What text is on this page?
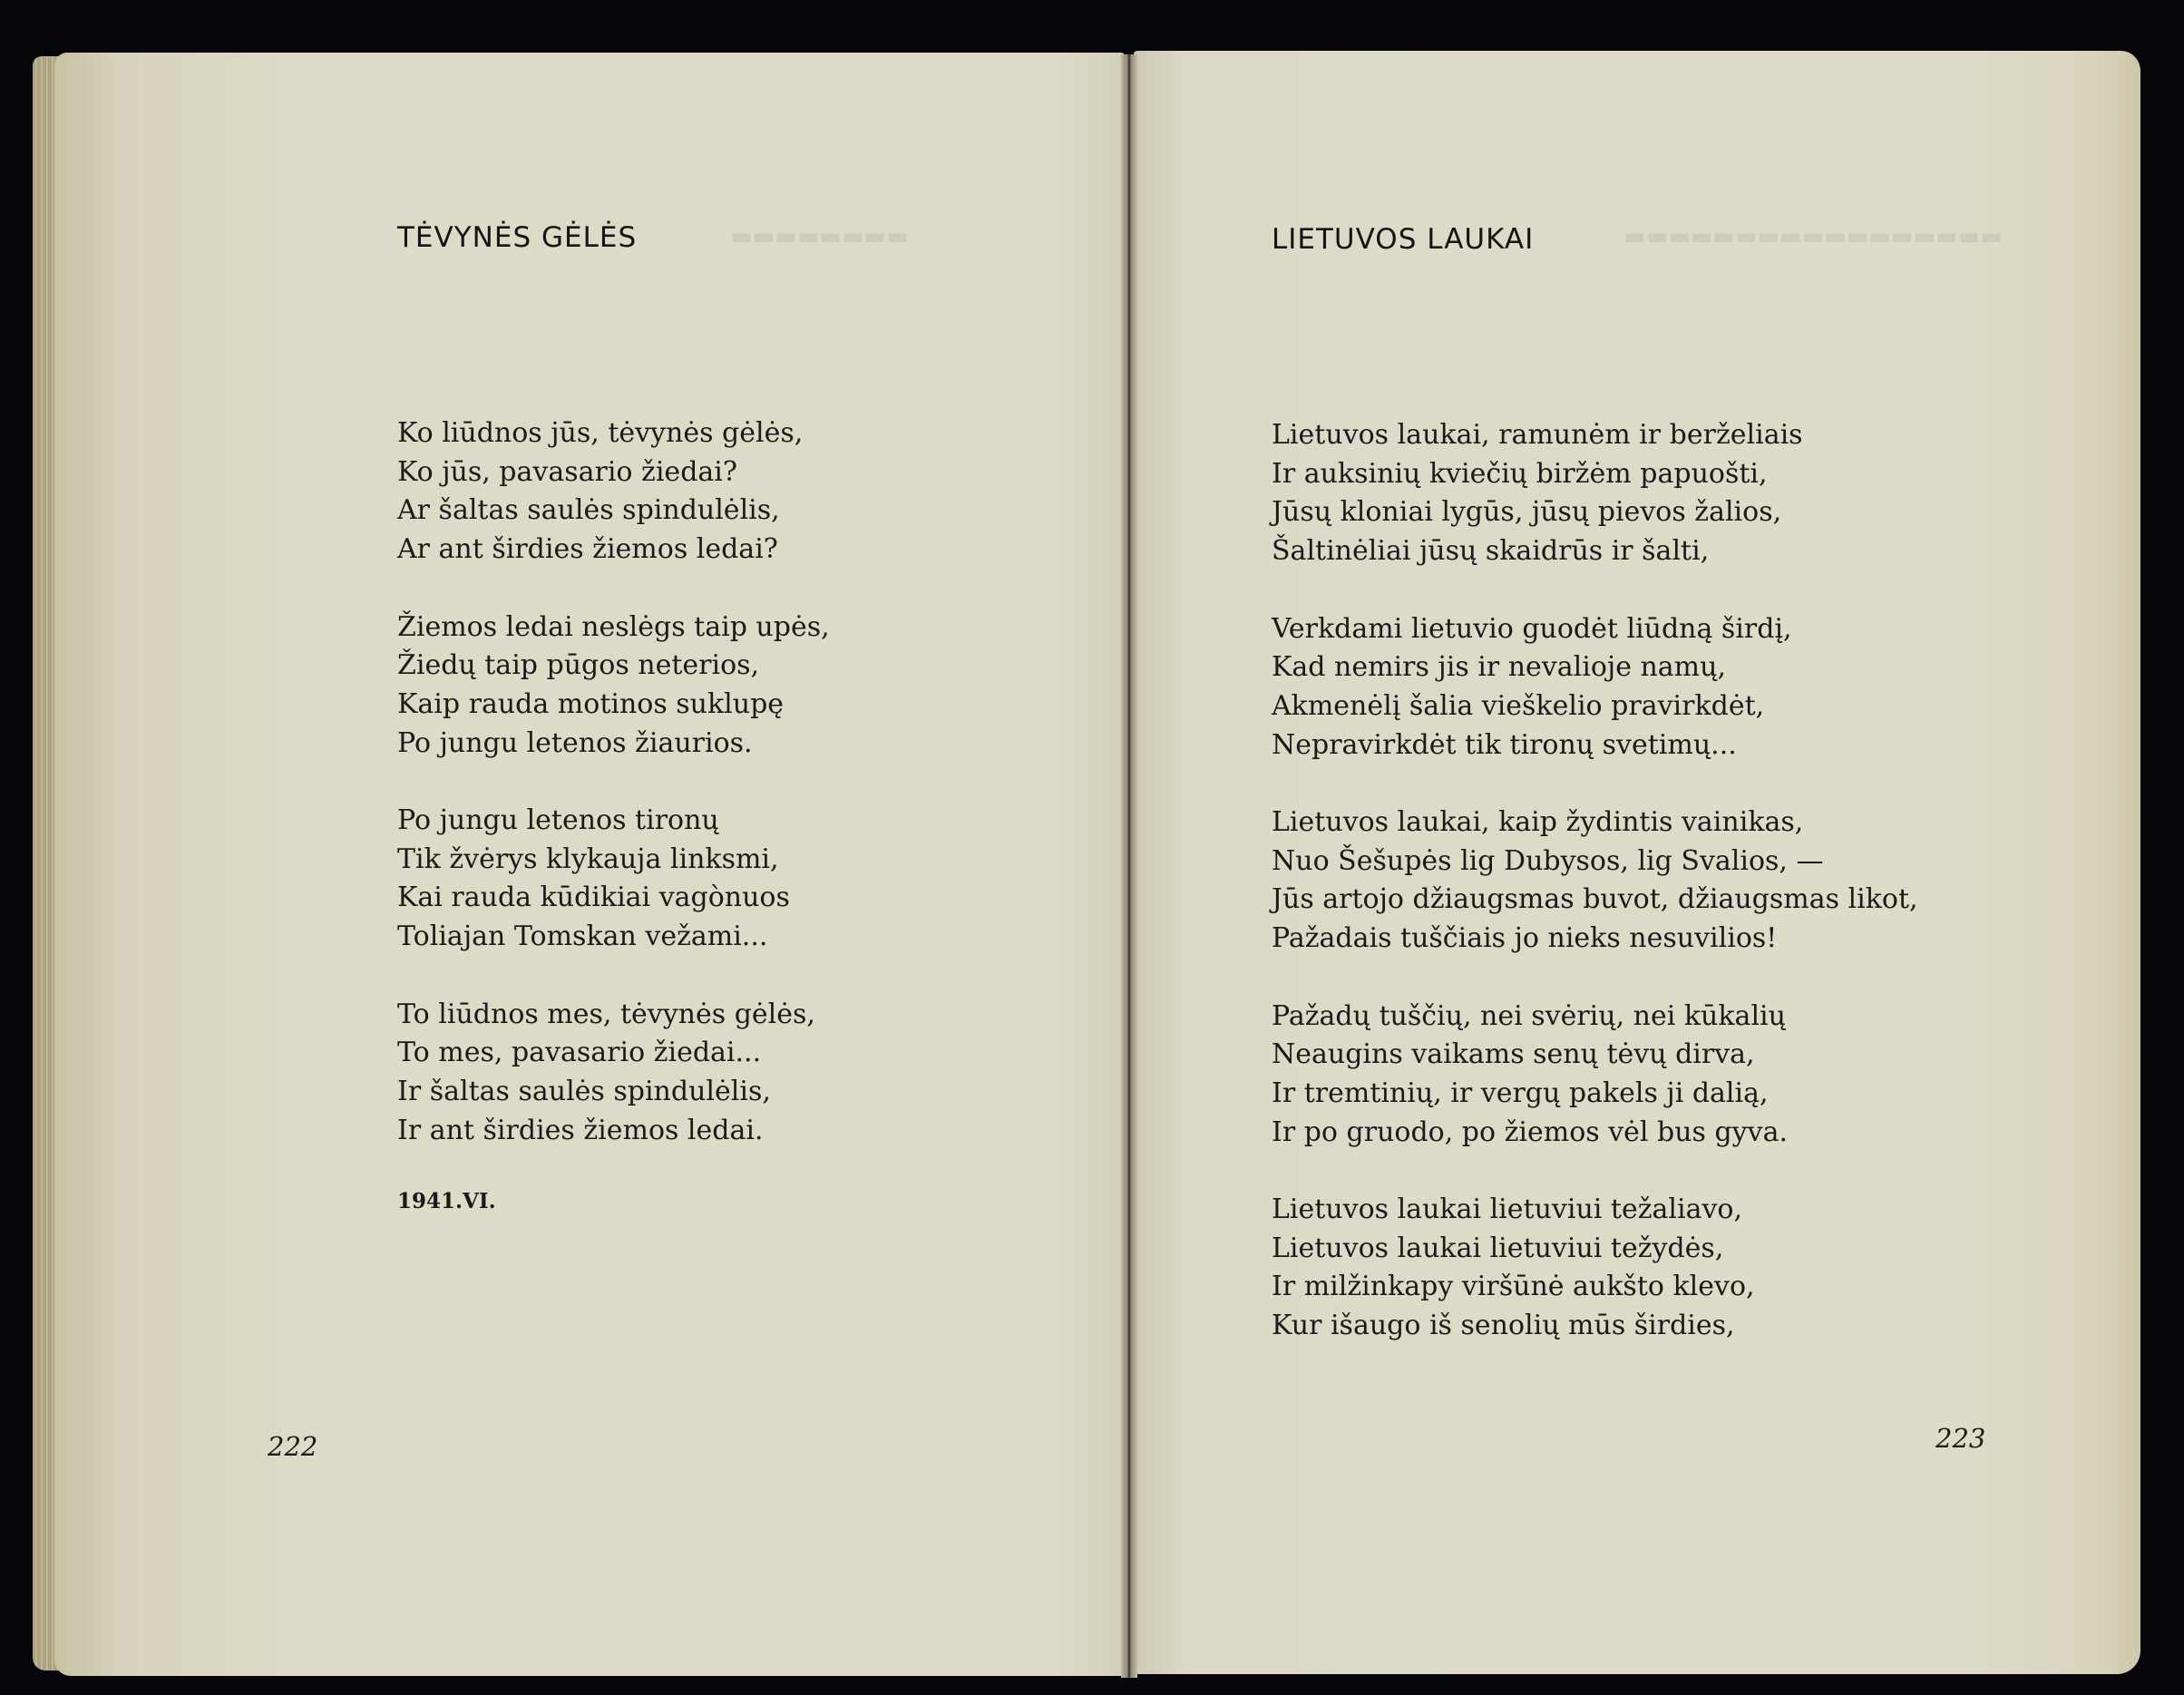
▬▬▬▬▬▬▬▬	▬▬▬▬▬▬▬▬▬▬▬▬▬▬▬▬▬
TĖVYNĖS GĖLĖS
Ko liūdnos jūs, tėvynės gėlės,
Ko jūs, pavasario žiedai?
Ar šaltas saulės spindulėlis,
Ar ant širdies žiemos ledai?
Žiemos ledai neslėgs taip upės,
Žiedų taip pūgos neterios,
Kaip rauda motinos suklupę
Po jungu letenos žiaurios.
Po jungu letenos tironų
Tik žvėrys klykauja linksmi,
Kai rauda kūdikiai vagònuos
Toliajan Tomskan vežami...
To liūdnos mes, tėvynės gėlės,
To mes, pavasario žiedai...
Ir šaltas saulės spindulėlis,
Ir ant širdies žiemos ledai.
1941.VI.
222
LIETUVOS LAUKAI
Lietuvos laukai, ramunėm ir berželiais
Ir auksinių kviečių biržėm papuošti,
Jūsų kloniai lygūs, jūsų pievos žalios,
Šaltinėliai jūsų skaidrūs ir šalti,
Verkdami lietuvio guodėt liūdną širdį,
Kad nemirs jis ir nevalioje namų,
Akmenėlį šalia vieškelio pravirkdėt,
Nepravirkdėt tik tironų svetimų...
Lietuvos laukai, kaip žydintis vainikas,
Nuo Šešupės lig Dubysos, lig Svalios, —
Jūs artojo džiaugsmas buvot, džiaugsmas likot,
Pažadais tuščiais jo nieks nesuvilios!
Pažadų tuščių, nei svėrių, nei kūkalių
Neaugins vaikams senų tėvų dirva,
Ir tremtinių, ir vergų pakels ji dalią,
Ir po gruodo, po žiemos vėl bus gyva.
Lietuvos laukai lietuviui težaliavo,
Lietuvos laukai lietuviui težydės,
Ir milžinkapy viršūnė aukšto klevo,
Kur išaugo iš senolių mūs širdies,
223
